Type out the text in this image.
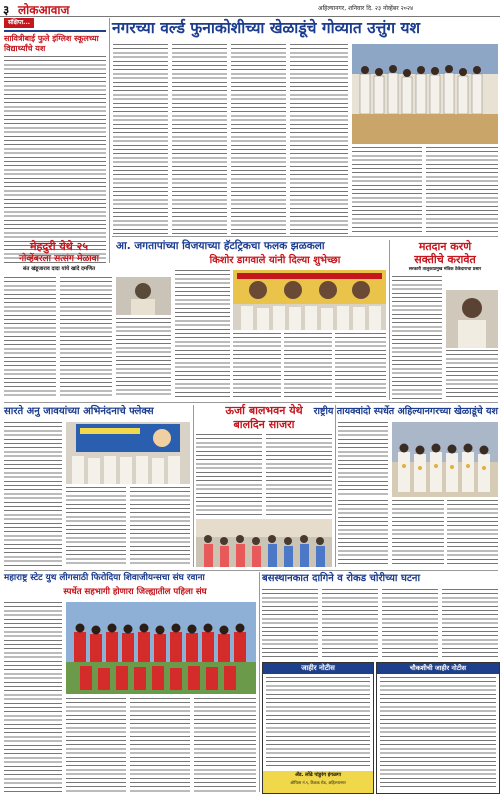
३ लोकआवाज	अहिल्यानगर, शनिवार दि. २३ नोव्हेंबर २०२४
संक्षिप्त...
सावित्रीबाई फुले इंग्लिश स्कूलच्या विद्यार्थ्यांचे यश
नगरच्या वर्ल्ड फुनाकोशीच्या खेळाडूंचे गोव्यात उत्तुंग यश
मेहदुरी येथे २५
नोव्हेंबरला सत्संग मेळावा
संत खंडूजाराव दादा यांचे खांदे दमणित
आ. जगतापांच्या विजयाच्या हॅटट्रिकचा फलक झळकला
किशोर डागवाले यांनी दिल्या शुभेच्छा
मतदान करणे
सक्तीचे करावेत
सरकारी तालुकाप्रमुख मंत्रिक ठेकेदाराचा प्रसार
सारते अनु जावयांच्या अभिनंदनाचे फ्लेक्स	ऊर्जा बालभवन येथे
बालदिन साजरा
राष्ट्रीय तायक्वांदो स्पर्धेत अहिल्यानगरच्या खेळाडूंचे यश
महाराष्ट्र स्टेट युथ लीगसाठी फिरोदिया शिवाजीयन्सचा संघ रवाना
स्पर्धेत सहभागी होणारा जिल्ह्यातील पहिला संघ
बसस्थानकात दागिने व रोकड चोरीच्या घटना
जाहीर नोटीस
ॲड. लोंढे पांडुरंग इंगळगा
ऑफिस नं.९, टिळक रोड, अहिल्यानगर
चौकशीची जाहीर नोटीस
